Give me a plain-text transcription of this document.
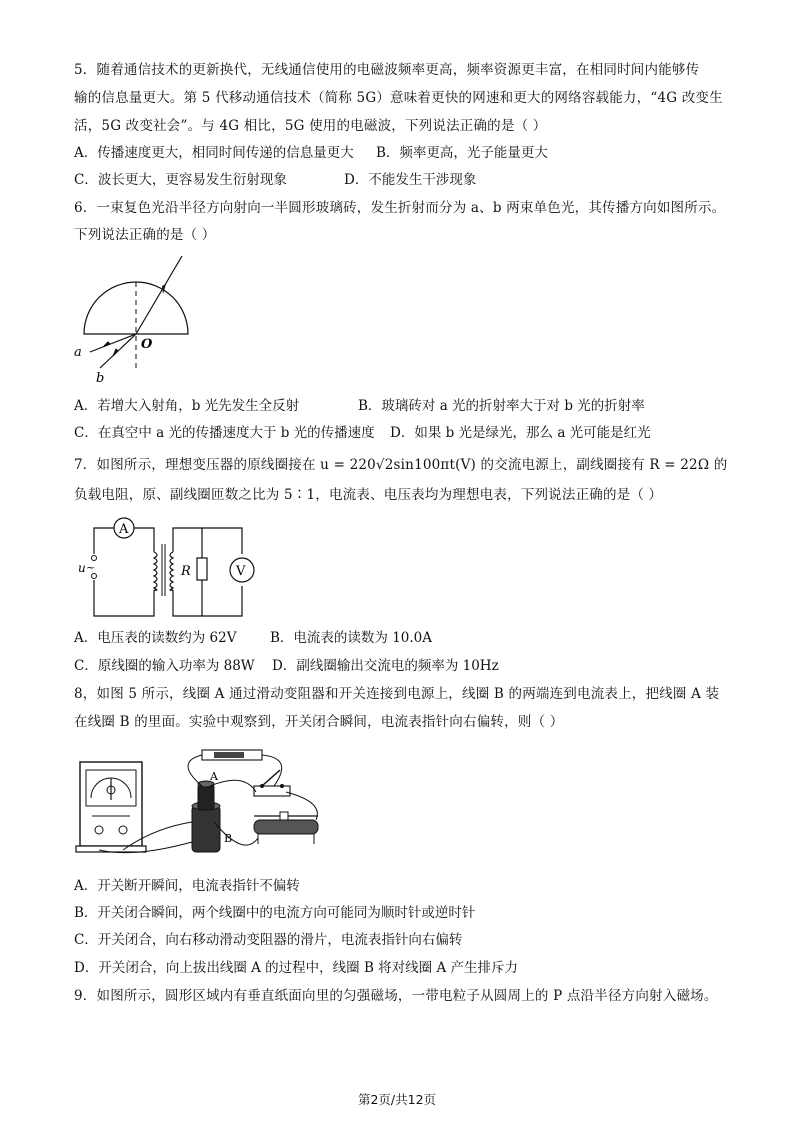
5．随着通信技术的更新换代，无线通信使用的电磁波频率更高，频率资源更丰富，在相同时间内能够传
输的信息量更大。第 5 代移动通信技术（简称 5G）意味着更快的网速和更大的网络容载能力，“4G 改变生
活，5G 改变社会”。与 4G 相比，5G 使用的电磁波，下列说法正确的是（ ）
A．传播速度更大，相同时间传递的信息量更大 B．频率更高，光子能量更大
C．波长更大，更容易发生衍射现象	D．不能发生干涉现象
6．一束复色光沿半径方向射向一半圆形玻璃砖，发生折射而分为 a、b 两束单色光，其传播方向如图所示。
下列说法正确的是（ ）
a
b
O
A．若增大入射角，b 光先发生全反射	B．玻璃砖对 a 光的折射率大于对 b 光的折射率
C．在真空中 a 光的传播速度大于 b 光的传播速度 D．如果 b 光是绿光，那么 a 光可能是红光
7．如图所示，理想变压器的原线圈接在 u = 220√2sin100πt(V) 的交流电源上，副线圈接有 R = 22Ω 的
负载电阻，原、副线圈匝数之比为 5∶1，电流表、电压表均为理想电表，下列说法正确的是（ ）
A
u ~	R	V
A．电压表的读数约为 62V B．电流表的读数为 10.0A
C．原线圈的输入功率为 88W D．副线圈输出交流电的频率为 10Hz
8，如图 5 所示，线圈 A 通过滑动变阻器和开关连接到电源上，线圈 B 的两端连到电流表上，把线圈 A 装
在线圈 B 的里面。实验中观察到，开关闭合瞬间，电流表指针向右偏转，则（ ）
A
B
A．开关断开瞬间，电流表指针不偏转
B．开关闭合瞬间，两个线圈中的电流方向可能同为顺时针或逆时针
C．开关闭合，向右移动滑动变阻器的滑片，电流表指针向右偏转
D．开关闭合，向上拔出线圈 A 的过程中，线圈 B 将对线圈 A 产生排斥力
9．如图所示，圆形区域内有垂直纸面向里的匀强磁场，一带电粒子从圆周上的 P 点沿半径方向射入磁场。
第2页/共12页
